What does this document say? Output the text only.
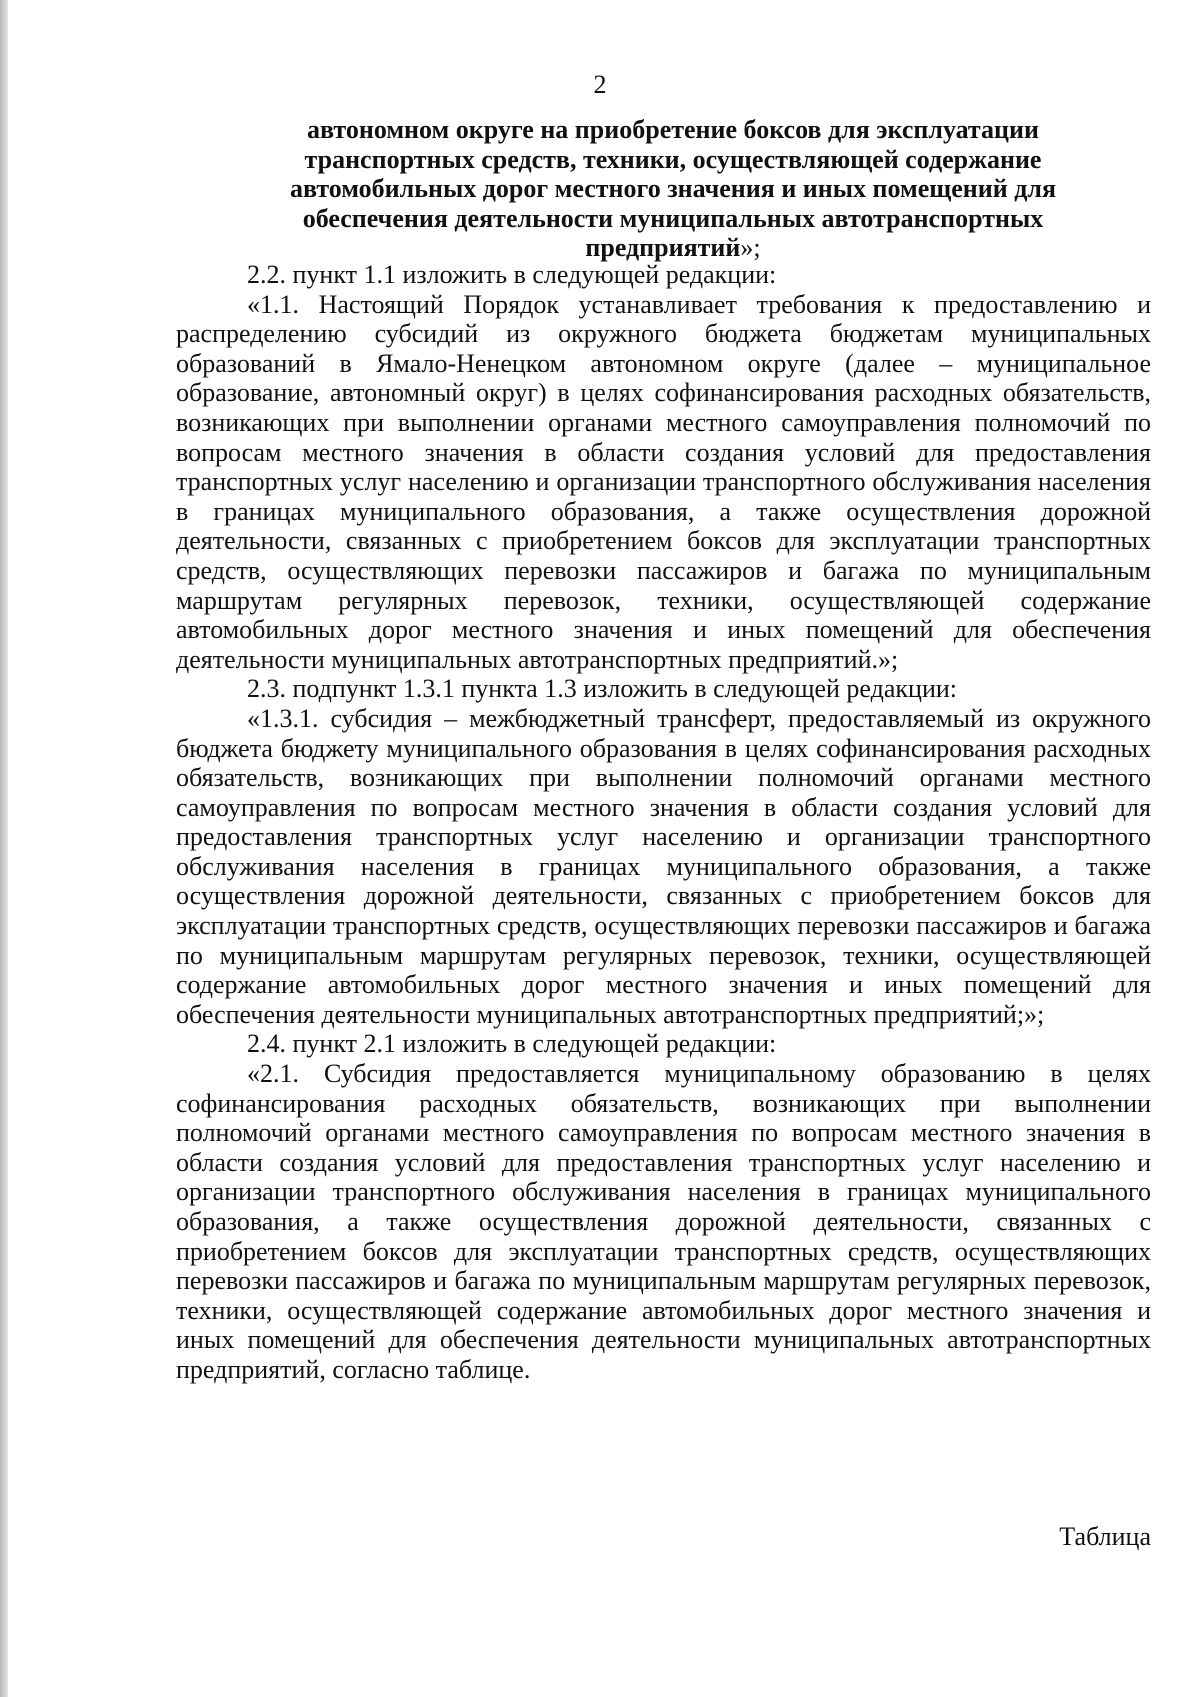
2
автономном округе на приобретение боксов для эксплуатации транспортных средств, техники, осуществляющей содержание автомобильных дорог местного значения и иных помещений для обеспечения деятельности муниципальных автотранспортных предприятий»;

2.2. пункт 1.1 изложить в следующей редакции:

«1.1. Настоящий Порядок устанавливает требования к предоставлению и распределению субсидий из окружного бюджета бюджетам муниципальных образований в Ямало-Ненецком автономном округе (далее – муниципальное образование, автономный округ) в целях софинансирования расходных обязательств, возникающих при выполнении органами местного самоуправления полномочий по вопросам местного значения в области создания условий для предоставления транспортных услуг населению и организации транспортного обслуживания населения в границах муниципального образования, а также осуществления дорожной деятельности, связанных с приобретением боксов для эксплуатации транспортных средств, осуществляющих перевозки пассажиров и багажа по муниципальным маршрутам регулярных перевозок, техники, осуществляющей содержание автомобильных дорог местного значения и иных помещений для обеспечения деятельности муниципальных автотранспортных предприятий.»;

2.3. подпункт 1.3.1 пункта 1.3 изложить в следующей редакции:

«1.3.1. субсидия – межбюджетный трансферт, предоставляемый из окружного бюджета бюджету муниципального образования в целях софинансирования расходных обязательств, возникающих при выполнении полномочий органами местного самоуправления по вопросам местного значения в области создания условий для предоставления транспортных услуг населению и организации транспортного обслуживания населения в границах муниципального образования, а также осуществления дорожной деятельности, связанных с приобретением боксов для эксплуатации транспортных средств, осуществляющих перевозки пассажиров и багажа по муниципальным маршрутам регулярных перевозок, техники, осуществляющей содержание автомобильных дорог местного значения и иных помещений для обеспечения деятельности муниципальных автотранспортных предприятий;»;

2.4. пункт 2.1 изложить в следующей редакции:

«2.1. Субсидия предоставляется муниципальному образованию в целях софинансирования расходных обязательств, возникающих при выполнении полномочий органами местного самоуправления по вопросам местного значения в области создания условий для предоставления транспортных услуг населению и организации транспортного обслуживания населения в границах муниципального образования, а также осуществления дорожной деятельности, связанных с приобретением боксов для эксплуатации транспортных средств, осуществляющих перевозки пассажиров и багажа по муниципальным маршрутам регулярных перевозок, техники, осуществляющей содержание автомобильных дорог местного значения и иных помещений для обеспечения деятельности муниципальных автотранспортных предприятий, согласно таблице.

Таблица
